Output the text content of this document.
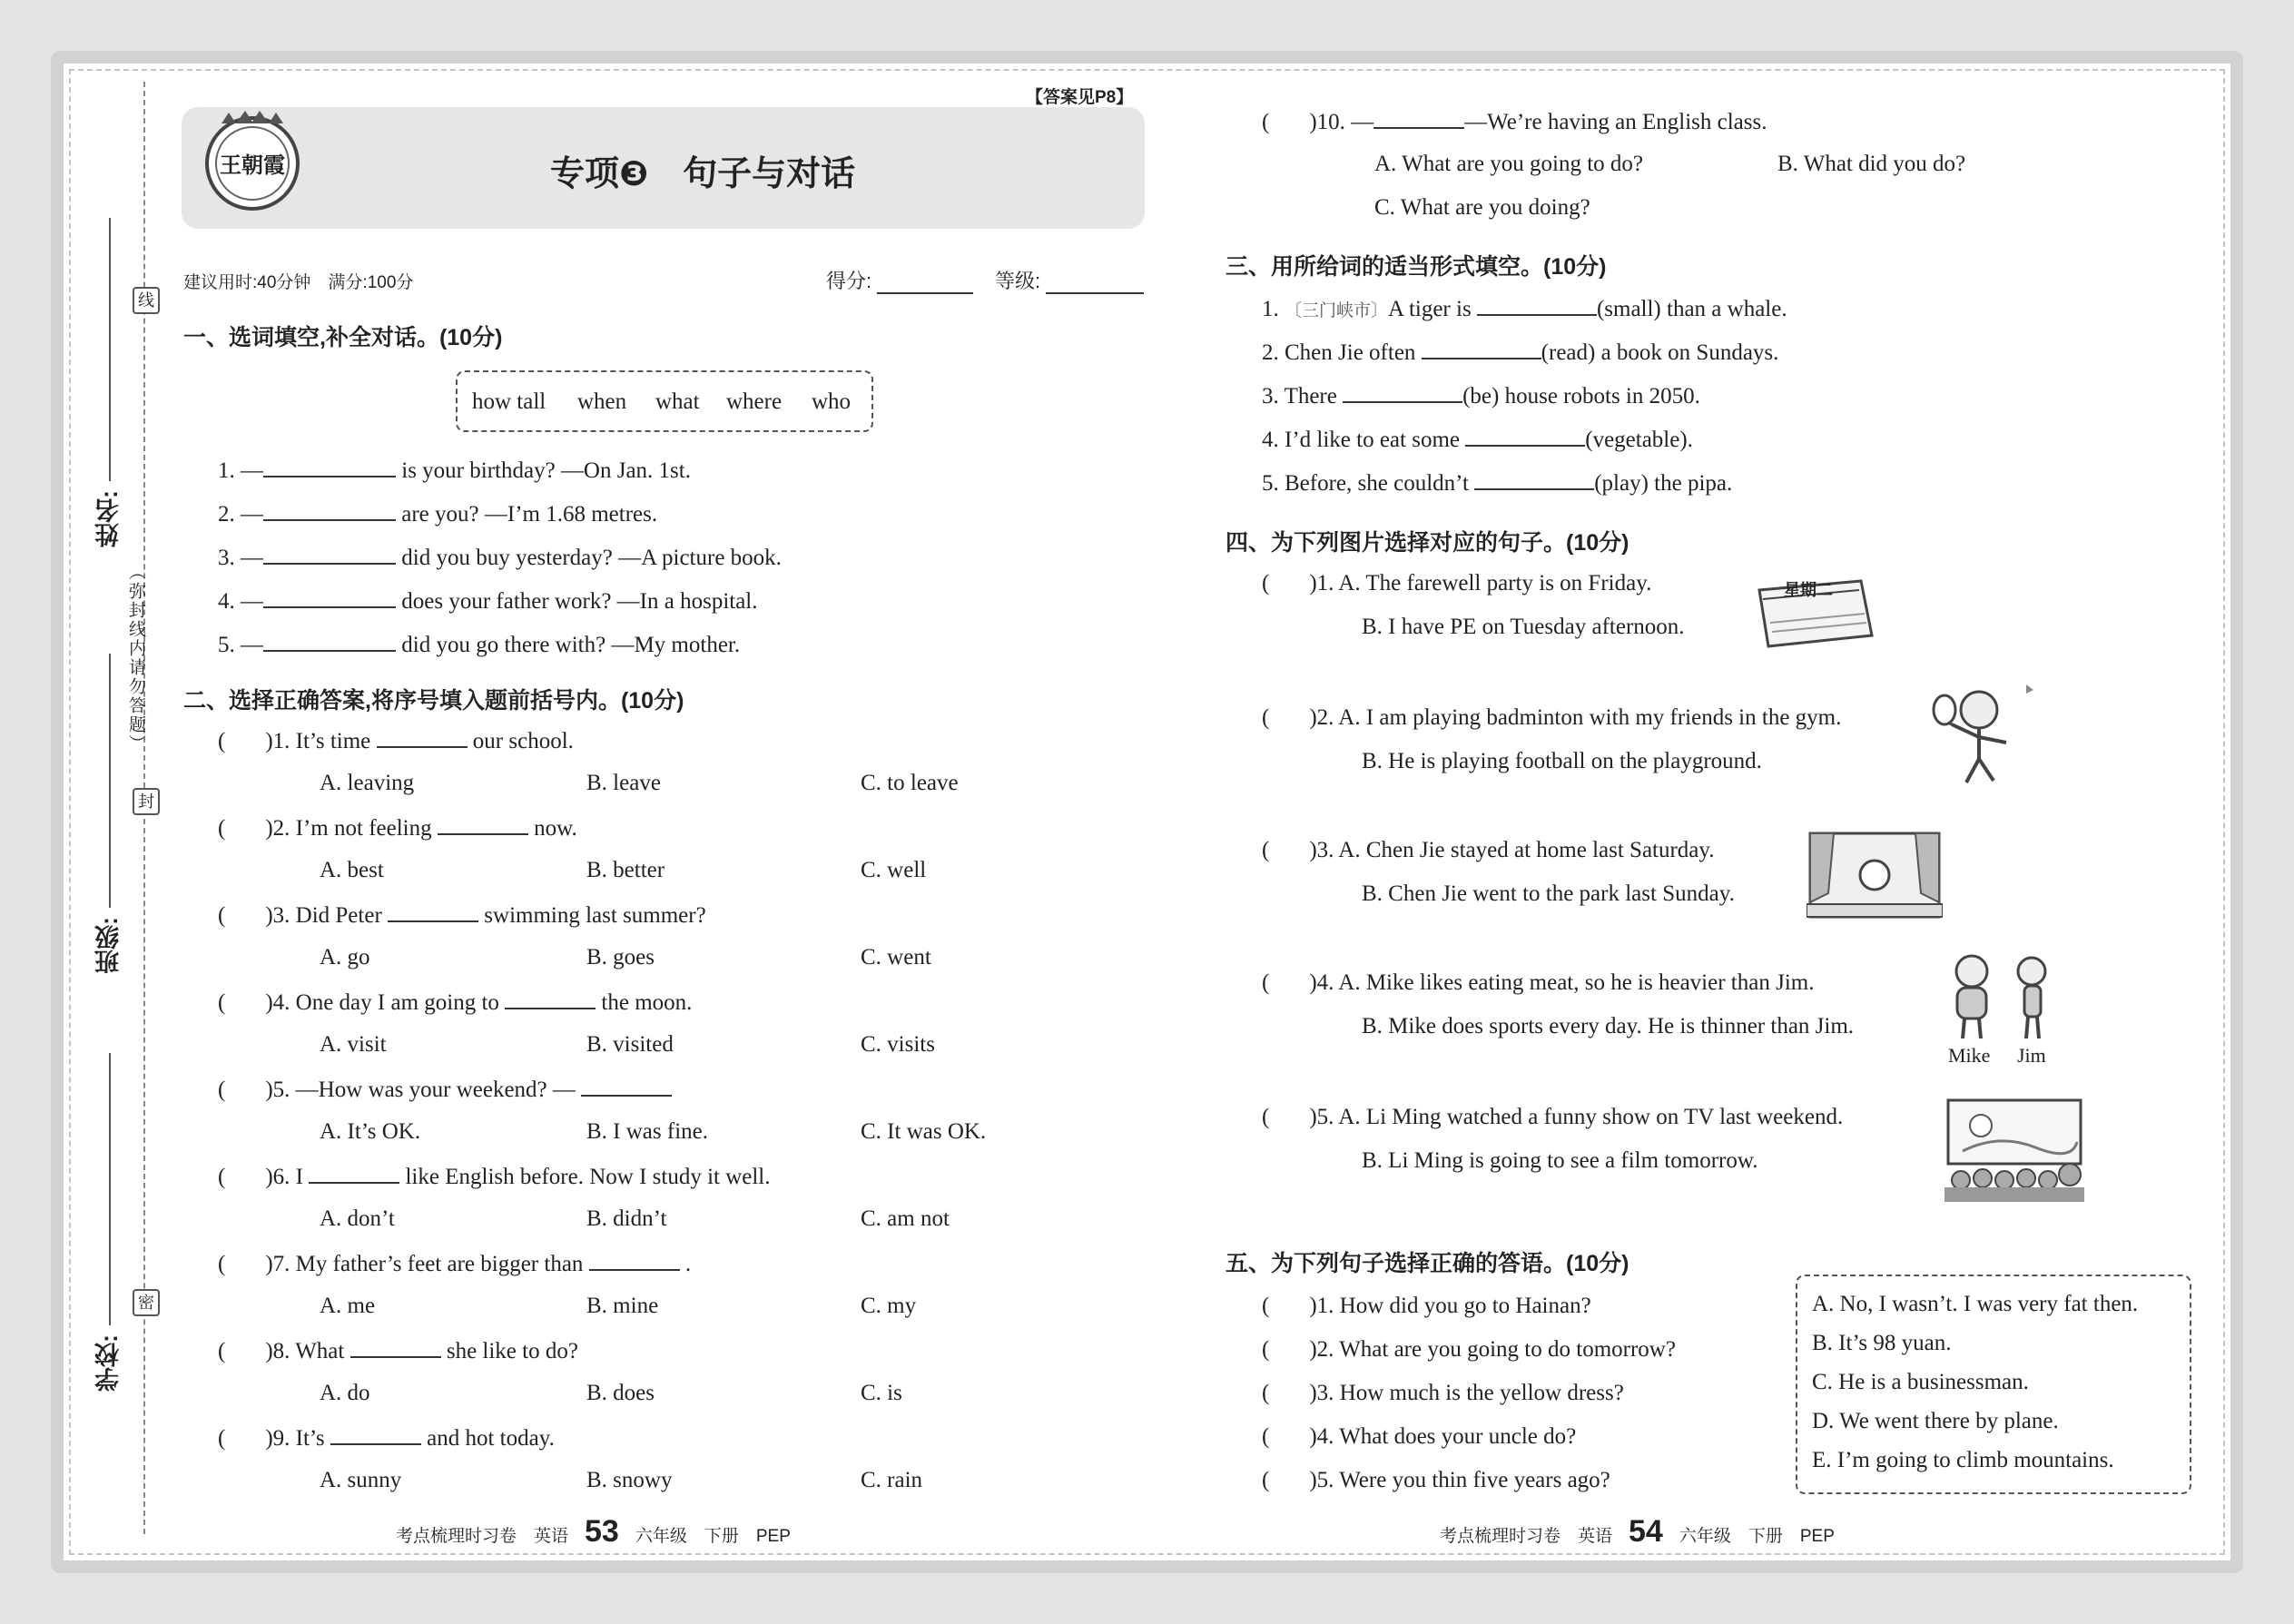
姓名:
班级:
学校:
线
封
密
（弥封线内请勿答题）
【答案见P8】
王朝霞	专项❸　句子与对话
建议用时:40分钟　满分:100分	得分:	等级:
一、选词填空,补全对话。(10分)
how tall when what where who
1. —	is your birthday? —On Jan. 1st.
2. —	are you? —I’m 1.68 metres.
3. —	did you buy yesterday? —A picture book.
4. —	does your father work? —In a hospital.
5. —	did you go there with? —My mother.
二、选择正确答案,将序号填入题前括号内。(10分)
( )1. It’s time	our school.
A. leaving	B. leave	C. to leave
( )2. I’m not feeling	now.
A. best	B. better	C. well
( )3. Did Peter	swimming last summer?
A. go	B. goes	C. went
( )4. One day I am going to	the moon.
A. visit	B. visited	C. visits
( )5. —How was your weekend? —
A. It’s OK.	B. I was fine.	C. It was OK.
( )6. I	like English before. Now I study it well.
A. don’t	B. didn’t	C. am not
( )7. My father’s feet are bigger than	.
A. me	B. mine	C. my
( )8. What	she like to do?
A. do	B. does	C. is
( )9. It’s	and hot today.
A. sunny	B. snowy	C. rain
( )10. —	—We’re having an English class.
A. What are you going to do?	B. What did you do?
C. What are you doing?
三、用所给词的适当形式填空。(10分)
1. 〔三门峡市〕A tiger is	(small) than a whale.
2. Chen Jie often	(read) a book on Sundays.
3. There	(be) house robots in 2050.
4. I’d like to eat some	(vegetable).
5. Before, she couldn’t	(play) the pipa.
四、为下列图片选择对应的句子。(10分)
( )1. A. The farewell party is on Friday.
B. I have PE on Tuesday afternoon.
( )2. A. I am playing badminton with my friends in the gym.
B. He is playing football on the playground.
( )3. A. Chen Jie stayed at home last Saturday.
B. Chen Jie went to the park last Sunday.
( )4. A. Mike likes eating meat, so he is heavier than Jim.
B. Mike does sports every day. He is thinner than Jim.
( )5. A. Li Ming watched a funny show on TV last weekend.
B. Li Ming is going to see a film tomorrow.
星期二
Mike Jim
五、为下列句子选择正确的答语。(10分)
( )1. How did you go to Hainan?
( )2. What are you going to do tomorrow?
( )3. How much is the yellow dress?
( )4. What does your uncle do?
( )5. Were you thin five years ago?
A. No, I wasn’t. I was very fat then.
B. It’s 98 yuan.
C. He is a businessman.
D. We went there by plane.
E. I’m going to climb mountains.
考点梳理时习卷　英语 53 六年级　下册　PEP	考点梳理时习卷　英语 54 六年级　下册　PEP
